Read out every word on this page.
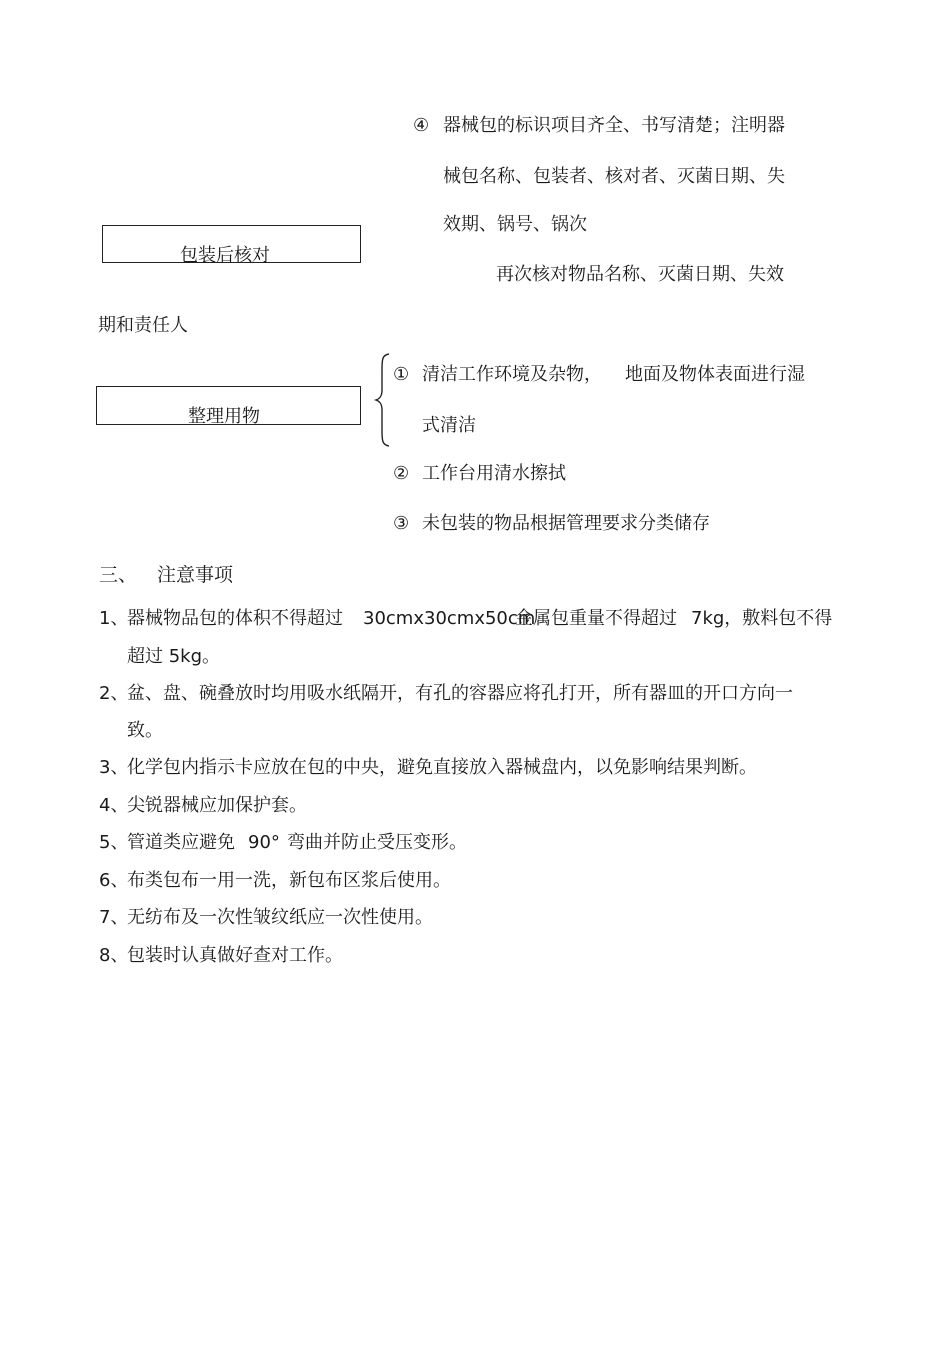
④ 器械包的标识项目齐全、书写清楚；注明器
械包名称、包装者、核对者、灭菌日期、失
效期、锅号、锅次
包装后核对
再次核对物品名称、灭菌日期、失效
期和责任人
① 清洁工作环境及杂物， 地面及物体表面进行湿
整理用物	式清洁
② 工作台用清水擦拭
③ 未包装的物品根据管理要求分类储存
三、 注意事项
1、
器械物品包的体积不得超过 30cmx30cmx50cm
金属包重量不得超过 7kg，敷料包不得
超过 5kg。
2、
盆、盘、碗叠放时均用吸水纸隔开，有孔的容器应将孔打开，所有器皿的开口方向一
致。
3、
化学包内指示卡应放在包的中央，避免直接放入器械盘内，以免影响结果判断。
4、
尖锐器械应加保护套。
5、
管道类应避免 90° 弯曲并防止受压变形。
6、
布类包布一用一洗，新包布区浆后使用。
7、
无纺布及一次性皱纹纸应一次性使用。
8、
包装时认真做好查对工作。
